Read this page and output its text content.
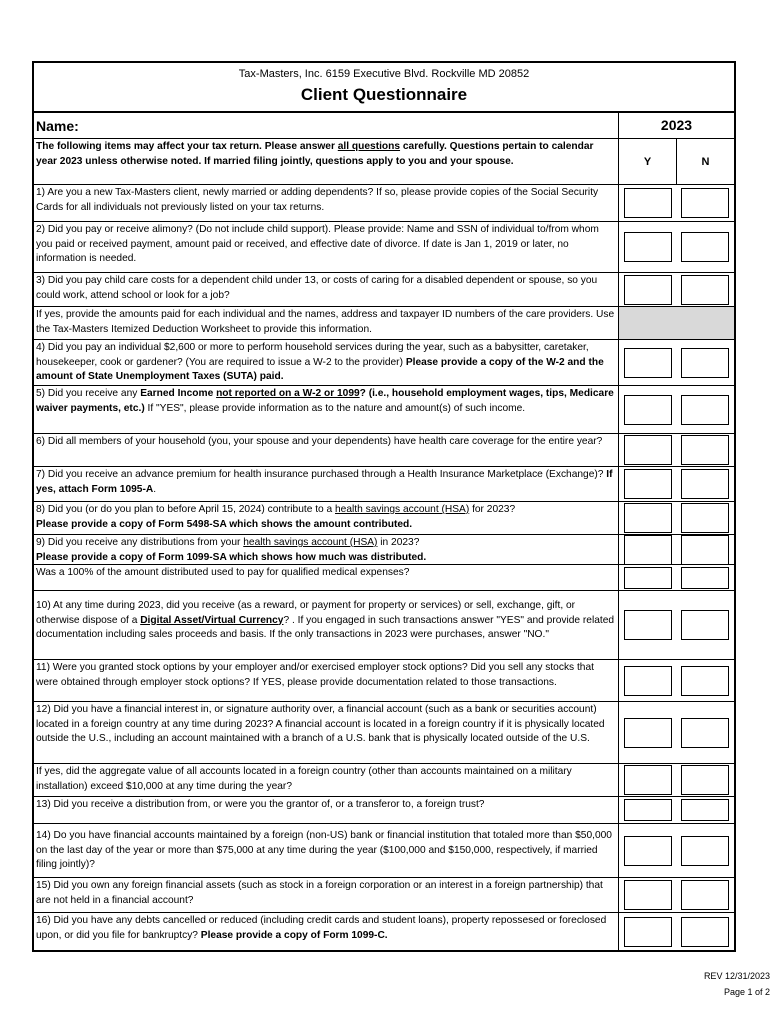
Tax-Masters, Inc. 6159 Executive Blvd. Rockville MD 20852
Client Questionnaire
Name:	2023
The following items may affect your tax return. Please answer all questions carefully. Questions pertain to calendar year 2023 unless otherwise noted. If married filing jointly, questions apply to you and your spouse.	Y	N
1) Are you a new Tax-Masters client, newly married or adding dependents? If so, please provide copies of the Social Security Cards for all individuals not previously listed on your tax returns.
2) Did you pay or receive alimony? (Do not include child support). Please provide: Name and SSN of individual to/from whom you paid or received payment, amount paid or received, and effective date of divorce. If date is Jan 1, 2019 or later, no information is needed.
3) Did you pay child care costs for a dependent child under 13, or costs of caring for a disabled dependent or spouse, so you could work, attend school or look for a job?
If yes, provide the amounts paid for each individual and the names, address and taxpayer ID numbers of the care providers. Use the Tax-Masters Itemized Deduction Worksheet to provide this information.
4) Did you pay an individual $2,600 or more to perform household services during the year, such as a babysitter, caretaker, housekeeper, cook or gardener? (You are required to issue a W-2 to the provider) Please provide a copy of the W-2 and the amount of State Unemployment Taxes (SUTA) paid.
5) Did you receive any Earned Income not reported on a W-2 or 1099? (i.e., household employment wages, tips, Medicare waiver payments, etc.) If "YES", please provide information as to the nature and amount(s) of such income.
6) Did all members of your household (you, your spouse and your dependents) have health care coverage for the entire year?
7) Did you receive an advance premium for health insurance purchased through a Health Insurance Marketplace (Exchange)? If yes, attach Form 1095-A.
8) Did you (or do you plan to before April 15, 2024) contribute to a health savings account (HSA) for 2023?
Please provide a copy of Form 5498-SA which shows the amount contributed.
9) Did you receive any distributions from your health savings account (HSA) in 2023?
Please provide a copy of Form 1099-SA which shows how much was distributed.
Was a 100% of the amount distributed used to pay for qualified medical expenses?
10) At any time during 2023, did you receive (as a reward, or payment for property or services) or sell, exchange, gift, or otherwise dispose of a Digital Asset/Virtual Currency? . If you engaged in such transactions answer "YES" and provide related documentation including sales proceeds and basis. If the only transactions in 2023 were purchases, answer "NO."
11) Were you granted stock options by your employer and/or exercised employer stock options? Did you sell any stocks that were obtained through employer stock options? If YES, please provide documentation related to those transactions.
12) Did you have a financial interest in, or signature authority over, a financial account (such as a bank or securities account) located in a foreign country at any time during 2023? A financial account is located in a foreign country if it is physically located outside the U.S., including an account maintained with a branch of a U.S. bank that is physically located outside of the U.S.
If yes, did the aggregate value of all accounts located in a foreign country (other than accounts maintained on a military installation) exceed $10,000 at any time during the year?
13) Did you receive a distribution from, or were you the grantor of, or a transferor to, a foreign trust?
14) Do you have financial accounts maintained by a foreign (non-US) bank or financial institution that totaled more than $50,000 on the last day of the year or more than $75,000 at any time during the year ($100,000 and $150,000, respectively, if married filing jointly)?
15) Did you own any foreign financial assets (such as stock in a foreign corporation or an interest in a foreign partnership) that are not held in a financial account?
16) Did you have any debts cancelled or reduced (including credit cards and student loans), property repossesed or foreclosed upon, or did you file for bankruptcy? Please provide a copy of Form 1099-C.
REV 12/31/2023
Page 1 of 2
